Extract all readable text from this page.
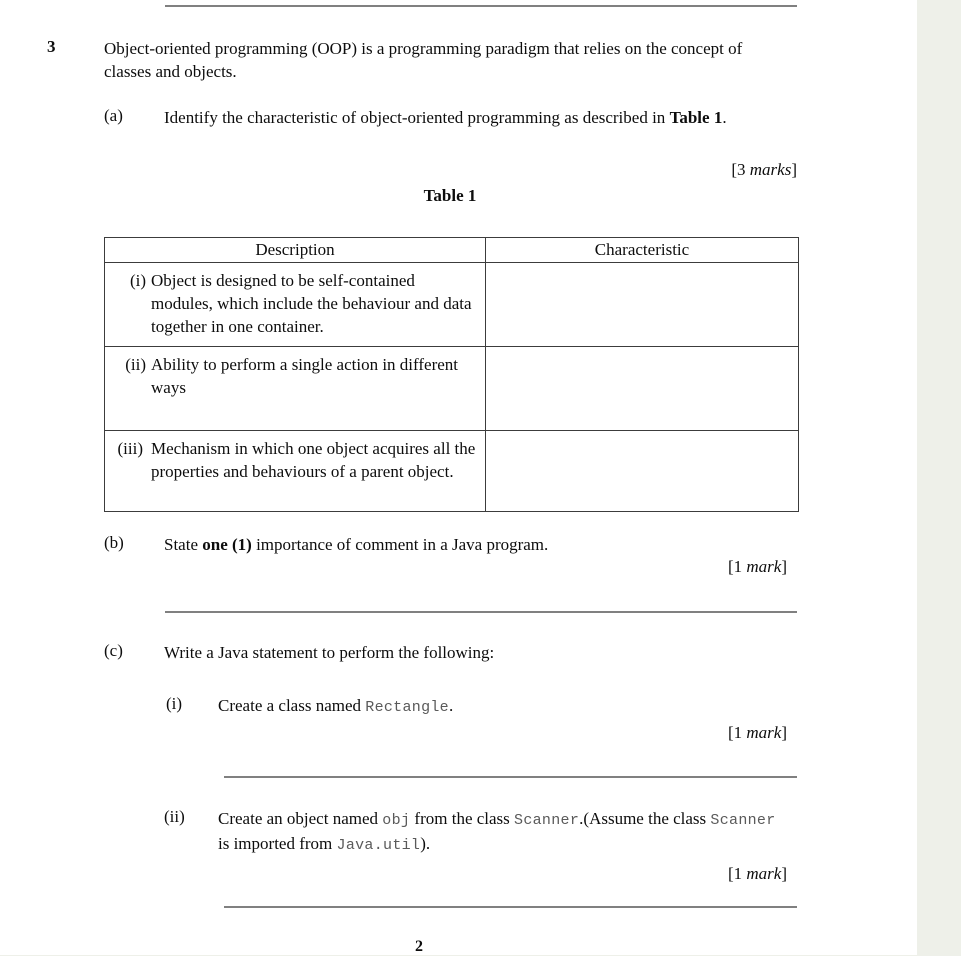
3	Object-oriented programming (OOP) is a programming paradigm that relies on the concept of classes and objects.
(a) Identify the characteristic of object-oriented programming as described in Table 1.
[3 marks]
Table 1
Description	Characteristic

(i) Object is designed to be self-contained modules, which include the behaviour and data together in one container.	

(ii) Ability to perform a single action in different ways	

(iii) Mechanism in which one object acquires all the properties and behaviours of a parent object.	

(b) State one (1) importance of comment in a Java program.
[1 mark]
(c) Write a Java statement to perform the following:
(i) Create a class named Rectangle.
[1 mark]
(ii) Create an object named obj from the class Scanner.(Assume the class Scanner is imported from Java.util).
[1 mark]
2
